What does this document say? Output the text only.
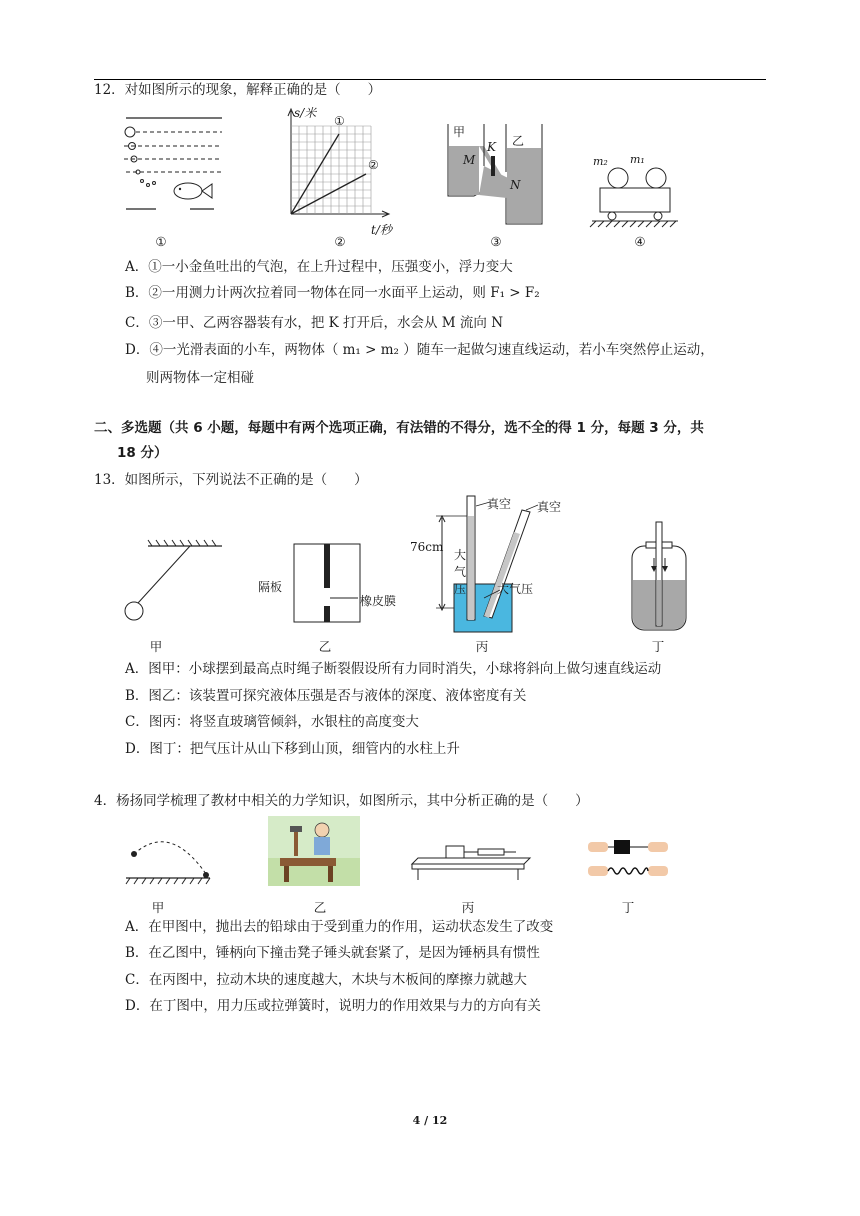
12．对如图所示的现象，解释正确的是（　　）
s/米
①
②
t/秒
甲
乙
K
M
N
m₂ m₁
①	②	③	④
A．①一小金鱼吐出的气泡，在上升过程中，压强变小，浮力变大
B．②一用测力计两次拉着同一物体在同一水面平上运动，则 F₁ > F₂
C．③一甲、乙两容器装有水，把 K 打开后，水会从 M 流向 N
D．④一光滑表面的小车，两物体（ m₁ > m₂ ）随车一起做匀速直线运动，若小车突然停止运动，
则两物体一定相碰
二、多选题（共 6 小题，每题中有两个选项正确，有法错的不得分，选不全的得 1 分，每题 3 分，共
18 分）
13．如图所示，下列说法不正确的是（　　）
隔板
橡皮膜
真空 真空
76cm
大
气
压	大气压
甲	乙	丙	丁
A．图甲：小球摆到最高点时绳子断裂假设所有力同时消失，小球将斜向上做匀速直线运动
B．图乙：该装置可探究液体压强是否与液体的深度、液体密度有关
C．图丙：将竖直玻璃管倾斜，水银柱的高度变大
D．图丁：把气压计从山下移到山顶，细管内的水柱上升
4．杨扬同学梳理了教材中相关的力学知识，如图所示，其中分析正确的是（　　）
甲	乙	丙	丁
A．在甲图中，抛出去的铅球由于受到重力的作用，运动状态发生了改变
B．在乙图中，锤柄向下撞击凳子锤头就套紧了，是因为锤柄具有惯性
C．在丙图中，拉动木块的速度越大，木块与木板间的摩擦力就越大
D．在丁图中，用力压或拉弹簧时，说明力的作用效果与力的方向有关
4 / 12
